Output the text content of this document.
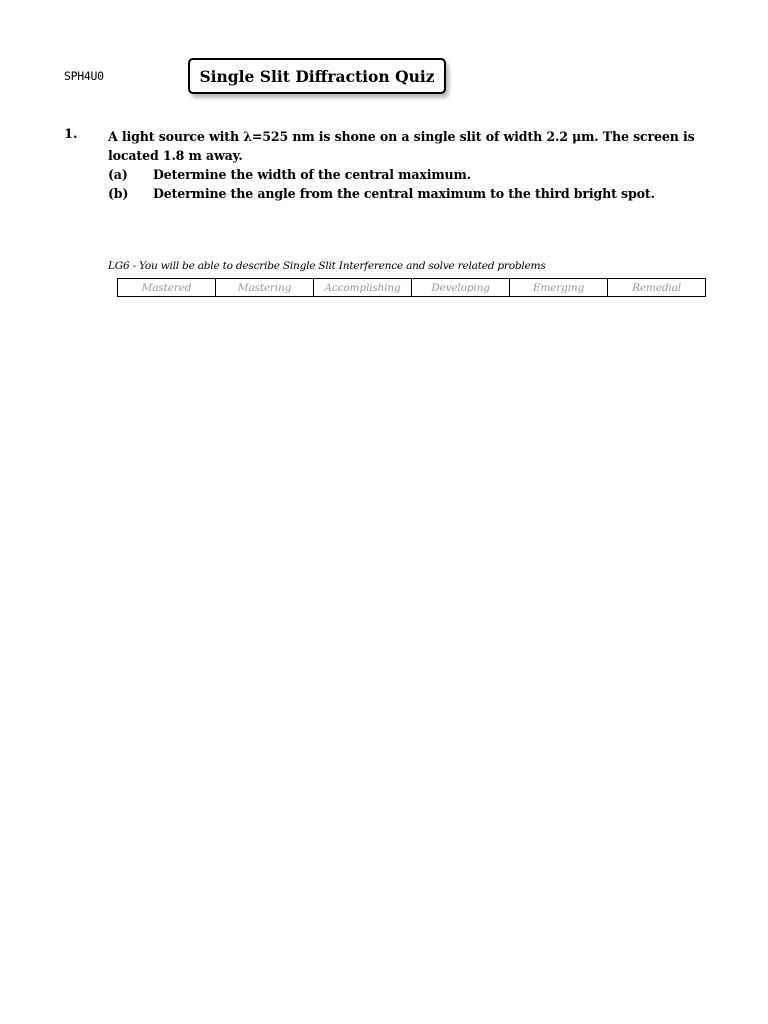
SPH4U0	Single Slit Diffraction Quiz
1. A light source with λ=525 nm is shone on a single slit of width 2.2 μm. The screen is located 1.8 m away.
(a) Determine the width of the central maximum.
(b) Determine the angle from the central maximum to the third bright spot.
LG6 - You will be able to describe Single Slit Interference and solve related problems
Mastered	Mastering	Accomplishing	Developing	Emerging	Remedial
